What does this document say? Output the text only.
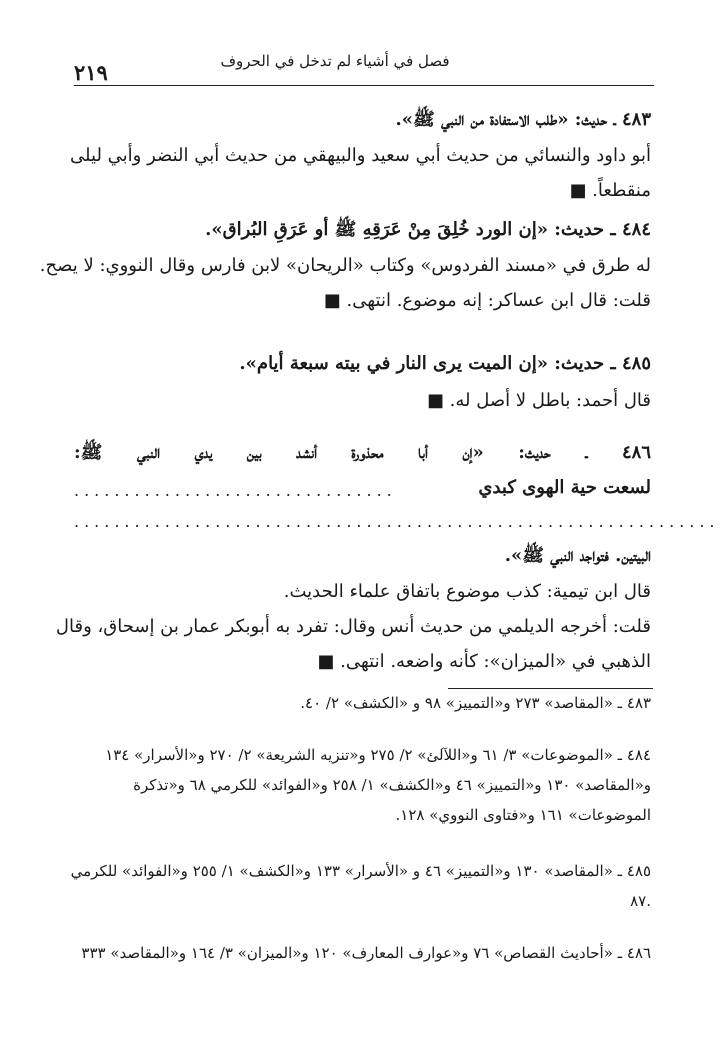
٢١٩	فصل في أشياء لم تدخل في الحروف
٤٨٣ ـ حديث: «طلب الاستفادة من النبي ﷺ».
أبو داود والنسائي من حديث أبي سعيد والبيهقي من حديث أبي النضر وأبي ليلى
منقطعاً. ■
٤٨٤ ـ حديث: «إن الورد خُلِقَ مِنْ عَرَقِهِ ﷺ أو عَرَقِ البُراق».
له طرق في «مسند الفردوس» وكتاب «الريحان» لابن فارس وقال النووي: لا يصح.
قلت: قال ابن عساكر: إنه موضوع. انتهى. ■
٤٨٥ ـ حديث: «إن الميت يرى النار في بيته سبعة أيام».
قال أحمد: باطل لا أصل له. ■
٤٨٦ ـ حديث: «إن أبا محذورة أنشد بين يدي النبي ﷺ:
لسعت حية الهوى كبدي
................................
................................................................
البيتين. فتواجد النبي ﷺ».
قال ابن تيمية: كذب موضوع باتفاق علماء الحديث.
قلت: أخرجه الديلمي من حديث أنس وقال: تفرد به أبوبكر عمار بن إسحاق، وقال
الذهبي في «الميزان»: كأنه واضعه. انتهى. ■
٤٨٣ ـ «المقاصد» ٢٧٣ و«التمييز» ٩٨ و «الكشف» ٢/ ٤٠.
٤٨٤ ـ «الموضوعات» ٣/ ٦١ و«اللآلئ» ٢/ ٢٧٥ و«تنزيه الشريعة» ٢/ ٢٧٠ و«الأسرار» ١٣٤
و«المقاصد» ١٣٠ و«التمييز» ٤٦ و«الكشف» ١/ ٢٥٨ و«الفوائد» للكرمي ٦٨ و«تذكرة
الموضوعات» ١٦١ و«فتاوى النووي» ١٢٨.
٤٨٥ ـ «المقاصد» ١٣٠ و«التمييز» ٤٦ و «الأسرار» ١٣٣ و«الكشف» ١/ ٢٥٥ و«الفوائد» للكرمي
٨٧.
٤٨٦ ـ «أحاديث القصاص» ٧٦ و«عوارف المعارف» ١٢٠ و«الميزان» ٣/ ١٦٤ و«المقاصد» ٣٣٣
